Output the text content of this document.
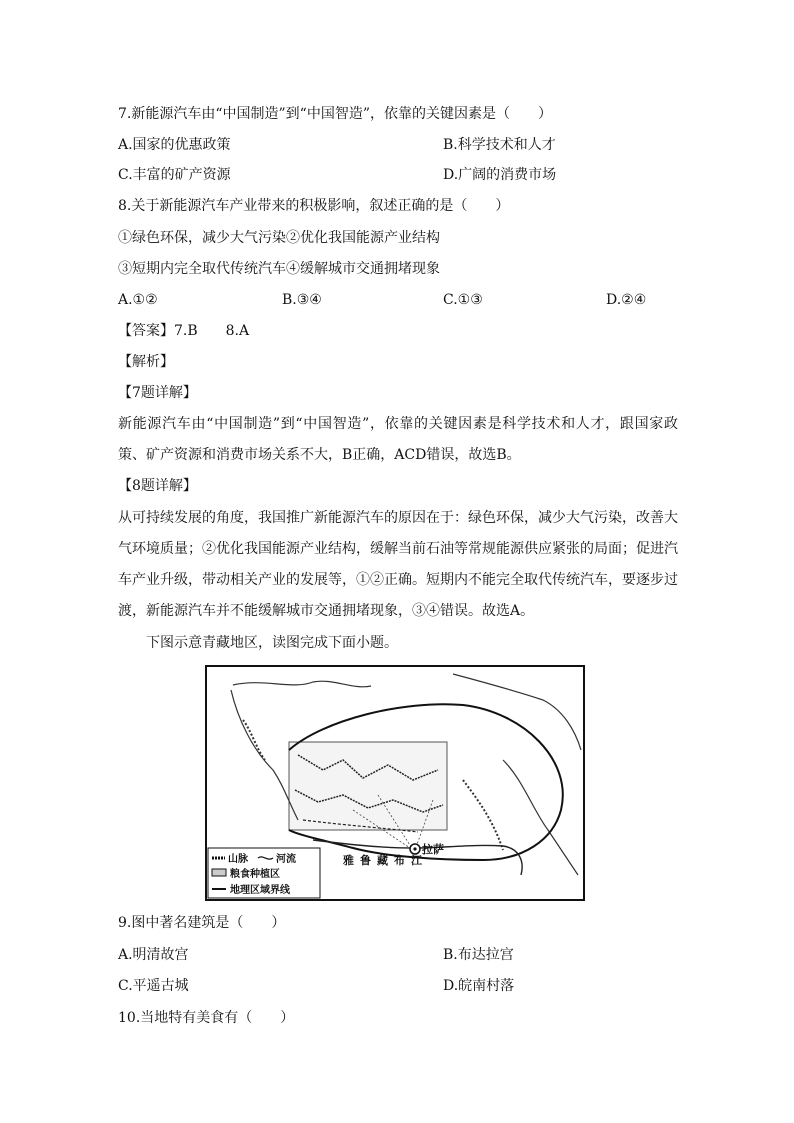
7.新能源汽车由“中国制造”到“中国智造”，依靠的关键因素是（　　）
A.国家的优惠政策	B.科学技术和人才
C.丰富的矿产资源	D.广阔的消费市场
8.关于新能源汽车产业带来的积极影响，叙述正确的是（　　）
①绿色环保，减少大气污染②优化我国能源产业结构
③短期内完全取代传统汽车④缓解城市交通拥堵现象
A.①②	B.③④	C.①③	D.②④
【答案】7.B　　8.A
【解析】
【7题详解】
新能源汽车由“中国制造”到“中国智造”，依靠的关键因素是科学技术和人才，跟国家政策、矿产资源和消费市场关系不大，B正确，ACD错误，故选B。
【8题详解】
从可持续发展的角度，我国推广新能源汽车的原因在于：绿色环保，减少大气污染，改善大气环境质量；②优化我国能源产业结构，缓解当前石油等常规能源供应紧张的局面；促进汽车产业升级，带动相关产业的发展等，①②正确。短期内不能完全取代传统汽车，要逐步过渡，新能源汽车并不能缓解城市交通拥堵现象，③④错误。故选A。
下图示意青藏地区，读图完成下面小题。
拉萨
雅鲁藏布江
山脉	河流
粮食种植区
地理区域界线
9.图中著名建筑是（　　）
A.明清故宫	B.布达拉宫
C.平遥古城	D.皖南村落
10.当地特有美食有（　　）
